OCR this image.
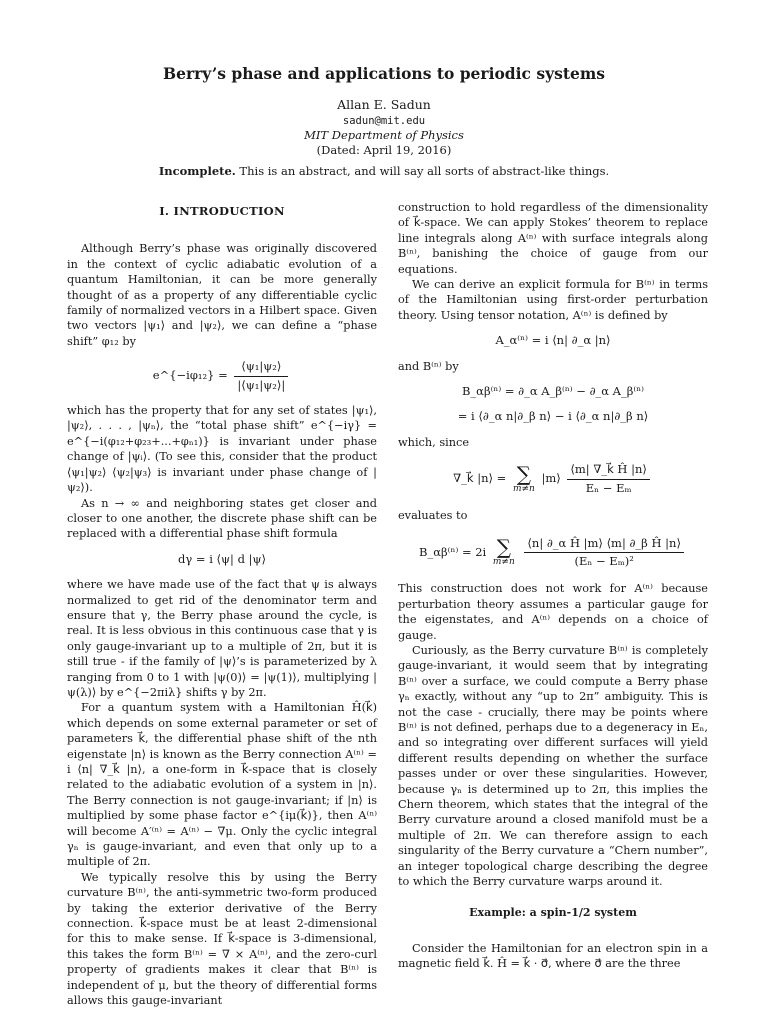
Berry’s phase and applications to periodic systems
Allan E. Sadun
sadun@mit.edu
MIT Department of Physics
(Dated: April 19, 2016)
Incomplete. This is an abstract, and will say all sorts of abstract-like things.
I. INTRODUCTION

Although Berry’s phase was originally discovered in the context of cyclic adiabatic evolution of a quantum Hamiltonian, it can be more generally thought of as a property of any differentiable cyclic family of normalized vectors in a Hilbert space. Given two vectors |ψ₁⟩ and |ψ₂⟩, we can define a “phase shift” φ₁₂ by

e^{−iφ₁₂} = $\frac{\text{⟨ψ₁|ψ₂⟩}}{\text{|⟨ψ₁|ψ₂⟩|}}$

which has the property that for any set of states |ψ₁⟩, |ψ₂⟩, . . . , |ψₙ⟩, the “total phase shift” e^{−iγ} = e^{−i(φ₁₂+φ₂₃+...+φₙ₁)} is invariant under phase change of |ψᵢ⟩. (To see this, consider that the product ⟨ψ₁|ψ₂⟩ ⟨ψ₂|ψ₃⟩ is invariant under phase change of |ψ₂⟩).

As n → ∞ and neighboring states get closer and closer to one another, the discrete phase shift can be replaced with a differential phase shift formula

dγ = i ⟨ψ| d |ψ⟩

where we have made use of the fact that ψ is always normalized to get rid of the denominator term and ensure that γ, the Berry phase around the cycle, is real. It is less obvious in this continuous case that γ is only gauge-invariant up to a multiple of 2π, but it is still true - if the family of |ψ⟩’s is parameterized by λ ranging from 0 to 1 with |ψ(0)⟩ = |ψ(1)⟩, multiplying |ψ(λ)⟩ by e^{−2πiλ} shifts γ by 2π.

For a quantum system with a Hamiltonian Ĥ(k⃗) which depends on some external parameter or set of parameters k⃗, the differential phase shift of the nth eigenstate |n⟩ is known as the Berry connection A⁽ⁿ⁾ = i ⟨n| ∇_k⃗ |n⟩, a one-form in k⃗-space that is closely related to the adiabatic evolution of a system in |n⟩. The Berry connection is not gauge-invariant; if |n⟩ is multiplied by some phase factor e^{iμ(k⃗)}, then A⁽ⁿ⁾ will become A′⁽ⁿ⁾ = A⁽ⁿ⁾ − ∇μ. Only the cyclic integral γₙ is gauge-invariant, and even that only up to a multiple of 2π.

We typically resolve this by using the Berry curvature B⁽ⁿ⁾, the anti-symmetric two-form produced by taking the exterior derivative of the Berry connection. k⃗-space must be at least 2-dimensional for this to make sense. If k⃗-space is 3-dimensional, this takes the form B⁽ⁿ⁾ = ∇ × A⁽ⁿ⁾, and the zero-curl property of gradients makes it clear that B⁽ⁿ⁾ is independent of μ, but the theory of differential forms allows this gauge-invariant

construction to hold regardless of the dimensionality of k⃗-space. We can apply Stokes’ theorem to replace line integrals along A⁽ⁿ⁾ with surface integrals along B⁽ⁿ⁾, banishing the choice of gauge from our equations.

We can derive an explicit formula for B⁽ⁿ⁾ in terms of the Hamiltonian using first-order perturbation theory. Using tensor notation, A⁽ⁿ⁾ is defined by

A_α⁽ⁿ⁾ = i ⟨n| ∂_α |n⟩

and B⁽ⁿ⁾ by

B_αβ⁽ⁿ⁾ = ∂_α A_β⁽ⁿ⁾ − ∂_α A_β⁽ⁿ⁾
= i ⟨∂_α n|∂_β n⟩ − i ⟨∂_α n|∂_β n⟩

which, since

∇_k⃗ |n⟩ = ∑
m≠n
|m⟩ $\frac{⟨m| \nabla\_k⃗ Ĥ |n⟩}{\text{Eₙ − Eₘ}}$

evaluates to

B_αβ⁽ⁿ⁾ = 2i ∑
m≠n
$\frac{\text{⟨n| ∂\_α Ĥ |m⟩ ⟨m| ∂\_β Ĥ |n⟩}}{\text{(Eₙ − Eₘ)²}}$

This construction does not work for A⁽ⁿ⁾ because perturbation theory assumes a particular gauge for the eigenstates, and A⁽ⁿ⁾ depends on a choice of gauge.

Curiously, as the Berry curvature B⁽ⁿ⁾ is completely gauge-invariant, it would seem that by integrating B⁽ⁿ⁾ over a surface, we could compute a Berry phase γₙ exactly, without any “up to 2π” ambiguity. This is not the case - crucially, there may be points where B⁽ⁿ⁾ is not defined, perhaps due to a degeneracy in Eₙ, and so integrating over different surfaces will yield different results depending on whether the surface passes under or over these singularities. However, because γₙ is determined up to 2π, this implies the Chern theorem, which states that the integral of the Berry curvature around a closed manifold must be a multiple of 2π. We can therefore assign to each singularity of the Berry curvature a “Chern number”, an integer topological charge describing the degree to which the Berry curvature warps around it.

Example: a spin-1/2 system

Consider the Hamiltonian for an electron spin in a magnetic field k⃗. Ĥ = k⃗ · σ⃗, where σ⃗ are the three
